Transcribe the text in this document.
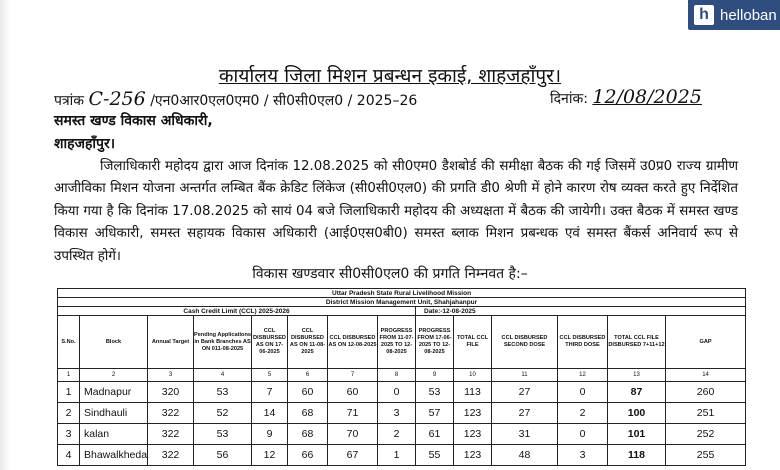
h helloban
कार्यालय जिला मिशन प्रबन्धन इकाई, शाहजहाँपुर।
पत्रांक C-256 /एन0आर0एल0एम0 / सी0सी0एल0 / 2025–26	दिनांक: 12/08/2025
समस्त खण्ड विकास अधिकारी,
शाहजहाँपुर।
जिलाधिकारी महोदय द्वारा आज दिनांक 12.08.2025 को सी0एम0 डैशबोर्ड की समीक्षा बैठक की गई जिसमें उ0प्र0 राज्य ग्रामीण आजीविका मिशन योजना अन्तर्गत लम्बित बैंक क्रेडिट लिंकेज (सी0सी0एल0) की प्रगति डी0 श्रेणी में होने कारण रोष व्यक्त करते हुए निर्देशित किया गया है कि दिनांक 17.08.2025 को सायं 04 बजे जिलाधिकारी महोदय की अध्यक्षता में बैठक की जायेगी। उक्त बैठक में समस्त खण्ड विकास अधिकारी, समस्त सहायक विकास अधिकारी (आई0एस0बी0) समस्त ब्लाक मिशन प्रबन्धक एवं समस्त बैंकर्स अनिवार्य रूप से उपस्थित होगें।
विकास खण्डवार सी0सी0एल0 की प्रगति निम्नवत है:–
Uttar Pradesh State Rural Livelihood Mission													
District Mission Management Unit, Shahjahanpur													
Cash Credit Limit (CCL) 2025-2026								Date:-12-08-2025					
S.No.	Block	Annual Target	Pending Applications in Bank Branches AS ON 011-08-2025	CCL DISBURSED AS ON 17-06-2025	CCL DISBURSED AS ON 11-08-2025	CCL DISBURSED AS ON 12-08-2025	PROGRESS FROM 11-07-2025 TO 12-08-2025	PROGRESS FROM 17-06-2025 TO 12-08-2025	TOTAL CCL FILE	CCL DISBURSED SECOND DOSE	CCL DISBURSED THIRD DOSE	TOTAL CCL FILE DISBURSED 7+11+12	GAP
1	2	3	4	5	6	7	8	9	10	11	12	13	14
1	Madnapur	320	53	7	60	60	0	53	113	27	0	87	260
2	Sindhauli	322	52	14	68	71	3	57	123	27	2	100	251
3	kalan	322	53	9	68	70	2	61	123	31	0	101	252
4	Bhawalkheda	322	56	12	66	67	1	55	123	48	3	118	255
